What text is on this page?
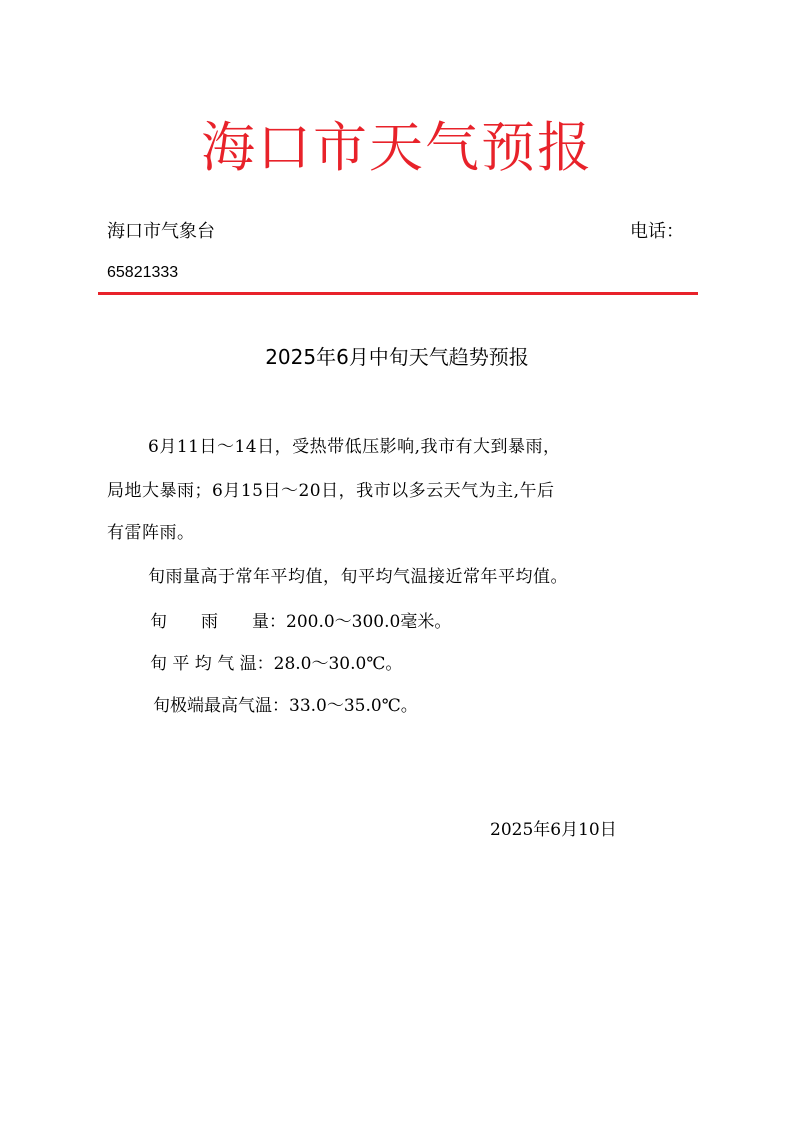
海口市天气预报
海口市气象台	电话：
65821333
2025年6月中旬天气趋势预报
6月11日～14日，受热带低压影响,我市有大到暴雨，
局地大暴雨；6月15日～20日，我市以多云天气为主,午后
有雷阵雨。
旬雨量高于常年平均值，旬平均气温接近常年平均值。
旬　　雨　　量：200.0～300.0毫米。
旬 平 均 气 温：28.0～30.0℃。
旬极端最高气温：33.0～35.0℃。
2025年6月10日
